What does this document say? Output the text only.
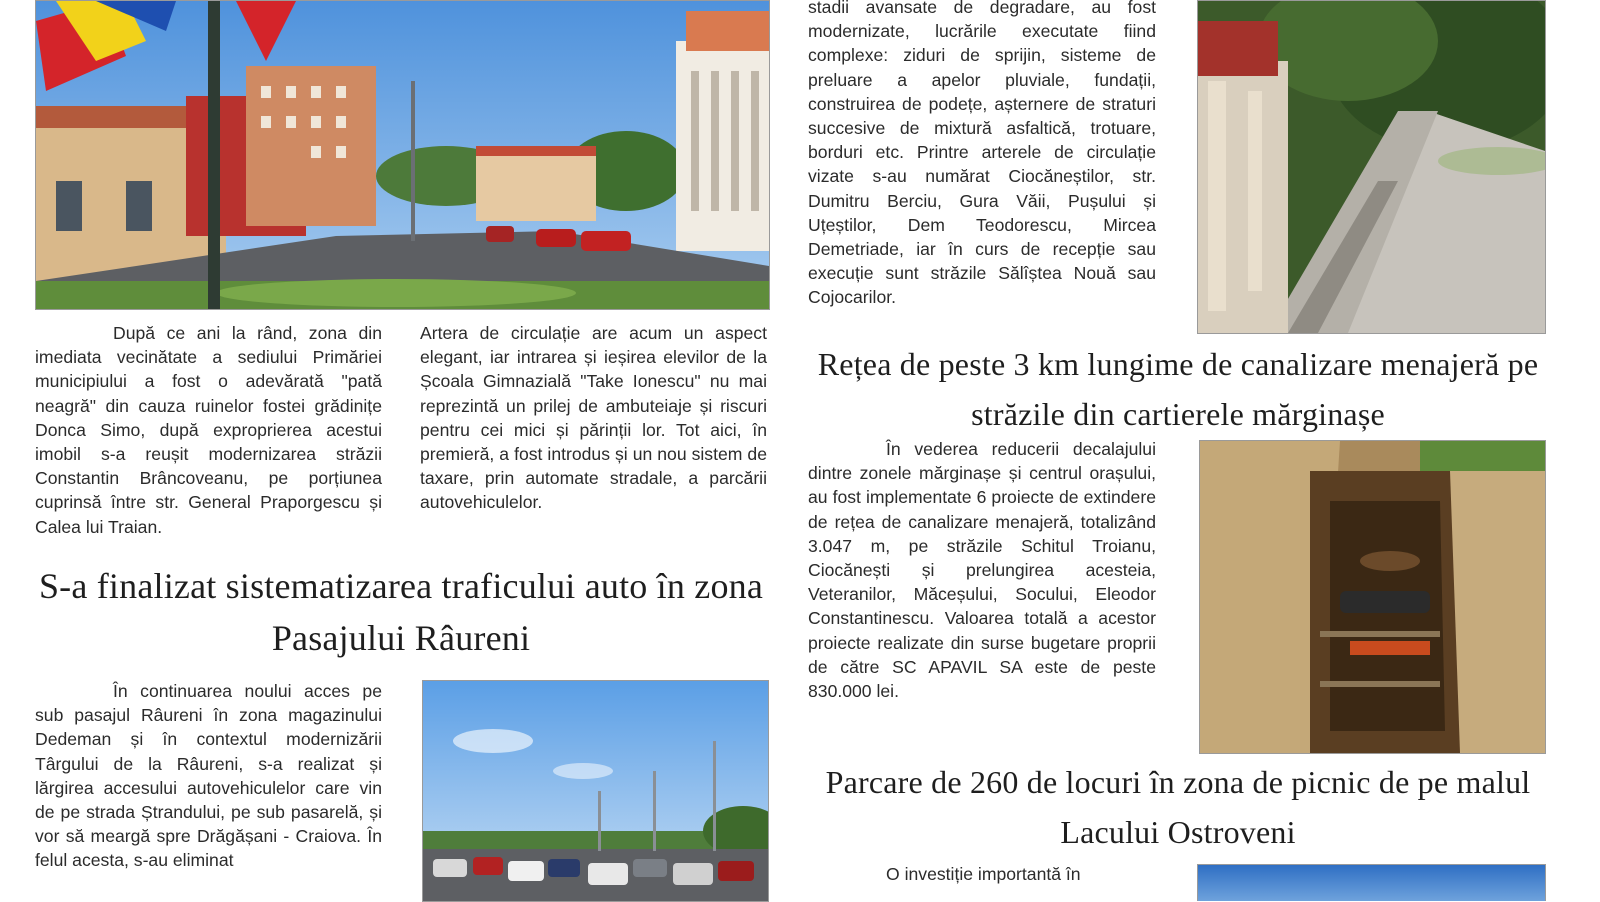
După ce ani la rând, zona din imediata vecinătate a sediului Primăriei municipiului a fost o adevărată "pată neagră" din cauza ruinelor fostei grădinițe Donca Simo, după exproprierea acestui imobil s-a reușit modernizarea străzii Constantin Brâncoveanu, pe porțiunea cuprinsă între str. General Praporgescu și Calea lui Traian.

Artera de circulație are acum un aspect elegant, iar intrarea și ieșirea elevilor de la Școala Gimnazială "Take Ionescu" nu mai reprezintă un prilej de ambuteiaje și riscuri pentru cei mici și părinții lor. Tot aici, în premieră, a fost introdus și un nou sistem de taxare, prin automate stradale, a parcării autovehiculelor.

S-a finalizat sistematizarea traficului auto în zona Pasajului Râureni

În continuarea noului acces pe sub pasajul Râureni în zona magazinului Dedeman și în contextul modernizării Târgului de la Râureni, s-a realizat și lărgirea accesului autovehiculelor care vin de pe strada Ștrandului, pe sub pasarelă, și vor să meargă spre Drăgășani - Craiova. În felul acesta, s-au eliminat

stadii avansate de degradare, au fost modernizate, lucrările executate fiind complexe: ziduri de sprijin, sisteme de preluare a apelor pluviale, fundații, construirea de podețe, așternere de straturi succesive de mixtură asfaltică, trotuare, borduri etc. Printre arterele de circulație vizate s-au numărat Ciocăneștilor, str. Dumitru Berciu, Gura Văii, Pușului și Uțeștilor, Dem Teodorescu, Mircea Demetriade, iar în curs de recepție sau execuție sunt străzile Sălîștea Nouă sau Cojocarilor.

Rețea de peste 3 km lungime de canalizare menajeră pe străzile din cartierele mărginașe

În vederea reducerii decalajului dintre zonele mărginașe și centrul orașului, au fost implementate 6 proiecte de extindere de rețea de canalizare menajeră, totalizând 3.047 m, pe străzile Schitul Troianu, Ciocănești și prelungirea acesteia, Veteranilor, Măceșului, Socului, Eleodor Constantinescu. Valoarea totală a acestor proiecte realizate din surse bugetare proprii de către SC APAVIL SA este de peste 830.000 lei.

Parcare de 260 de locuri în zona de picnic de pe malul Lacului Ostroveni

O investiție importantă în
